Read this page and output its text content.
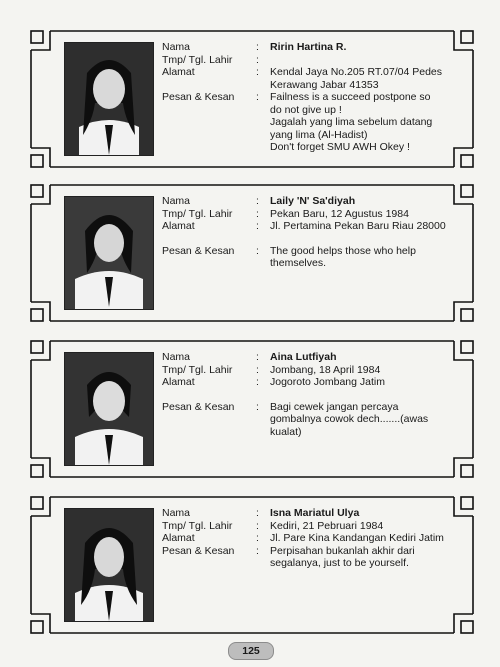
Nama	:	Ririn Hartina R.
Tmp/ Tgl. Lahir	:
Alamat	:	Kendal Jaya No.205 RT.07/04 Pedes
Kerawang Jabar 41353
Pesan & Kesan	:	Failness is a succeed postpone so
do not give up !
Jagalah yang lima sebelum datang
yang lima (Al-Hadist)
Don't forget SMU AWH Okey !
Nama	:	Laily 'N' Sa'diyah
Tmp/ Tgl. Lahir	:	Pekan Baru, 12 Agustus 1984
Alamat	:	Jl. Pertamina Pekan Baru Riau 28000
Pesan & Kesan	:	The good helps those who help
themselves.
Nama	:	Aina Lutfiyah
Tmp/ Tgl. Lahir	:	Jombang, 18 April 1984
Alamat	:	Jogoroto Jombang Jatim
Pesan & Kesan	:	Bagi cewek jangan percaya
gombalnya cowok dech.......(awas
kualat)
Nama	:	Isna Mariatul Ulya
Tmp/ Tgl. Lahir	:	Kediri, 21 Pebruari 1984
Alamat	:	Jl. Pare Kina Kandangan Kediri Jatim
Pesan & Kesan	:	Perpisahan bukanlah akhir dari
segalanya, just to be yourself.
125
